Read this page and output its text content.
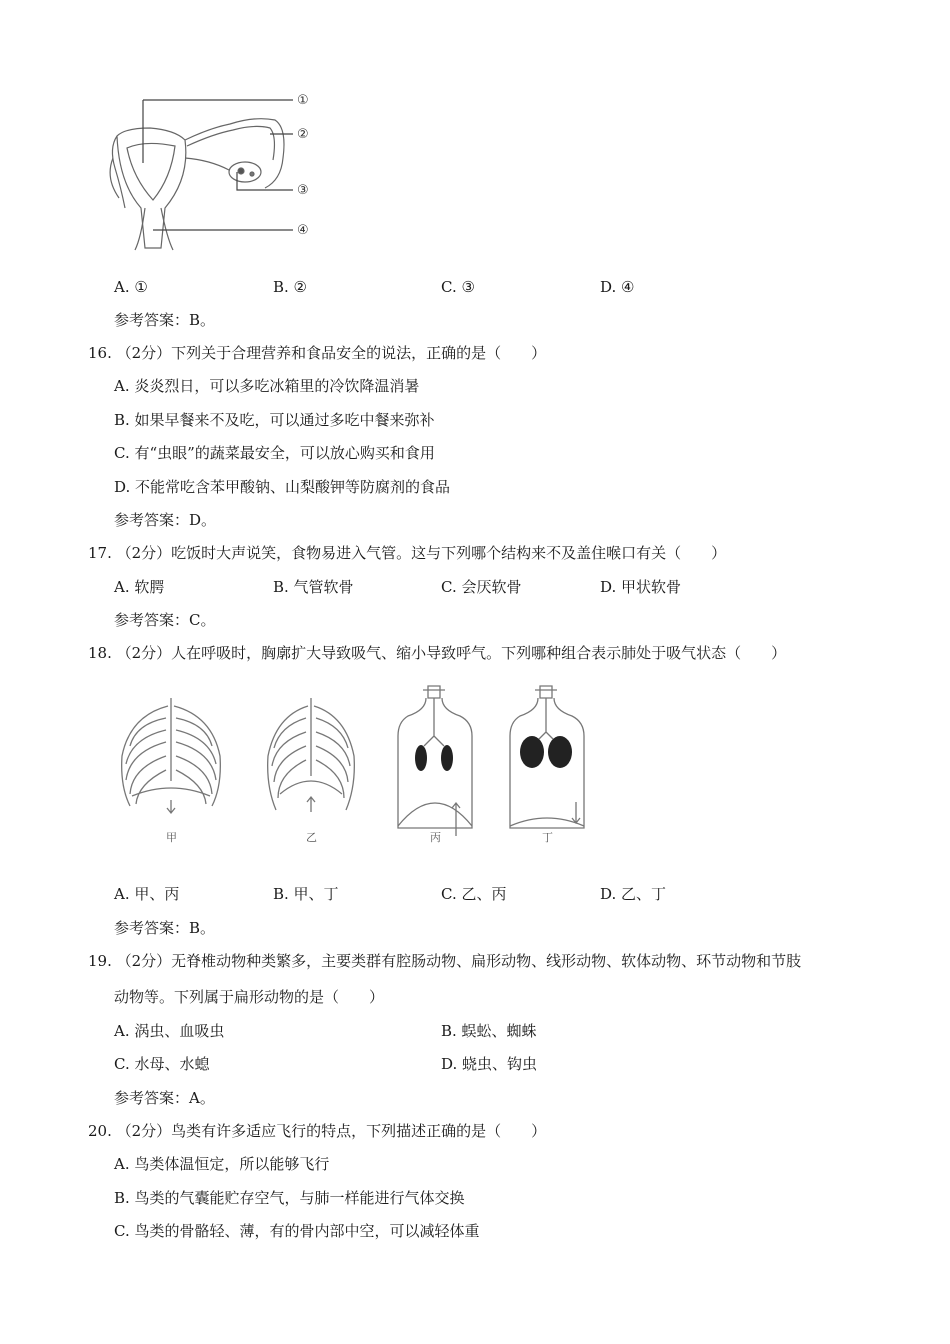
①
②
③
④
A. ①	B. ②	C. ③	D. ④
参考答案：B。
16. （2分）下列关于合理营养和食品安全的说法，正确的是（　　）
A. 炎炎烈日，可以多吃冰箱里的冷饮降温消暑
B. 如果早餐来不及吃，可以通过多吃中餐来弥补
C. 有“虫眼”的蔬菜最安全，可以放心购买和食用
D. 不能常吃含苯甲酸钠、山梨酸钾等防腐剂的食品
参考答案：D。
17. （2分）吃饭时大声说笑，食物易进入气管。这与下列哪个结构来不及盖住喉口有关（　　）
A. 软腭	B. 气管软骨	C. 会厌软骨	D. 甲状软骨
参考答案：C。
18. （2分）人在呼吸时，胸廓扩大导致吸气、缩小导致呼气。下列哪种组合表示肺处于吸气状态（　　）
甲	乙	丙	丁
A. 甲、丙	B. 甲、丁	C. 乙、丙	D. 乙、丁
参考答案：B。
19. （2分）无脊椎动物种类繁多，主要类群有腔肠动物、扁形动物、线形动物、软体动物、环节动物和节肢
动物等。下列属于扁形动物的是（　　）
A. 涡虫、血吸虫	B. 蜈蚣、蜘蛛
C. 水母、水螅	D. 蛲虫、钩虫
参考答案：A。
20. （2分）鸟类有许多适应飞行的特点，下列描述正确的是（　　）
A. 鸟类体温恒定，所以能够飞行
B. 鸟类的气囊能贮存空气，与肺一样能进行气体交换
C. 鸟类的骨骼轻、薄，有的骨内部中空，可以减轻体重
